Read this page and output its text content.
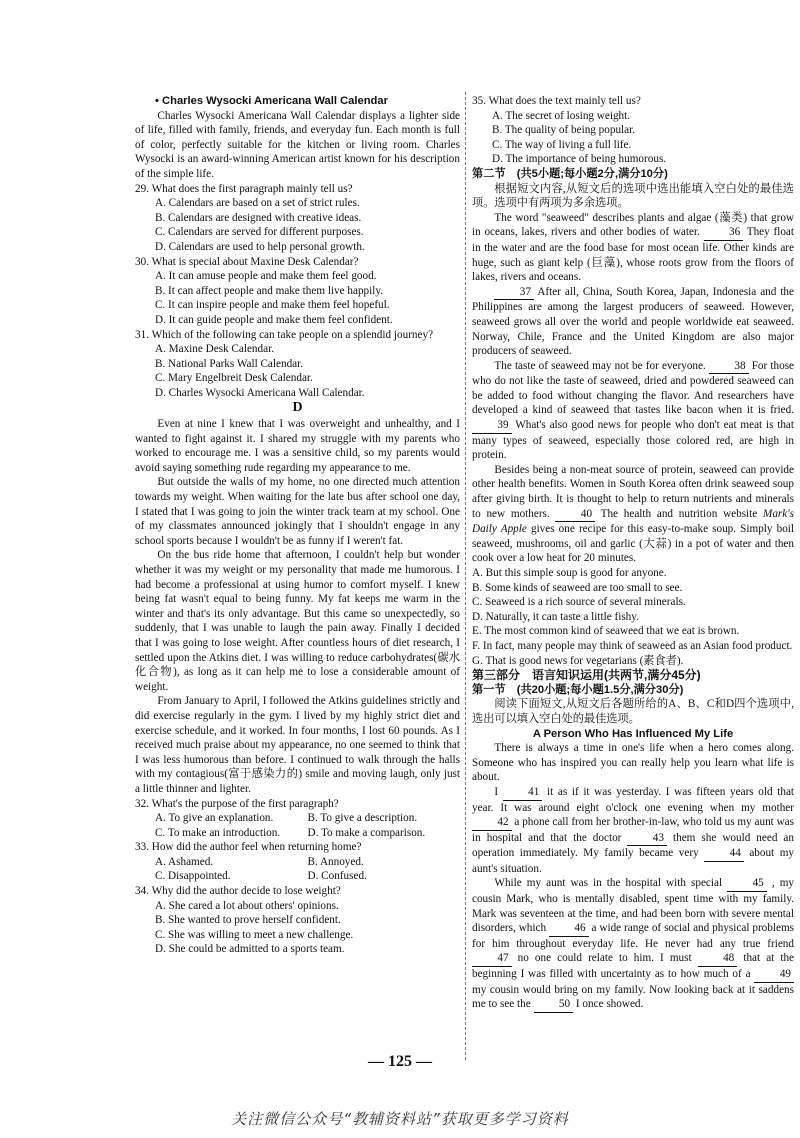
• Charles Wysocki Americana Wall Calendar

Charles Wysocki Americana Wall Calendar displays a lighter side of life, filled with family, friends, and everyday fun. Each month is full of color, perfectly suitable for the kitchen or living room. Charles Wysocki is an award-winning American artist known for his description of the simple life.

29. What does the first paragraph mainly tell us?

A. Calendars are based on a set of strict rules.

B. Calendars are designed with creative ideas.

C. Calendars are served for different purposes.

D. Calendars are used to help personal growth.

30. What is special about Maxine Desk Calendar?

A. It can amuse people and make them feel good.

B. It can affect people and make them live happily.

C. It can inspire people and make them feel hopeful.

D. It can guide people and make them feel confident.

31. Which of the following can take people on a splendid journey?

A. Maxine Desk Calendar.

B. National Parks Wall Calendar.

C. Mary Engelbreit Desk Calendar.

D. Charles Wysocki Americana Wall Calendar.

D

Even at nine I knew that I was overweight and unhealthy, and I wanted to fight against it. I shared my struggle with my parents who worked to encourage me. I was a sensitive child, so my parents would avoid saying something rude regarding my appearance to me.

But outside the walls of my home, no one directed much attention towards my weight. When waiting for the late bus after school one day, I stated that I was going to join the winter track team at my school. One of my classmates announced jokingly that I shouldn't engage in any school sports because I wouldn't be as funny if I weren't fat.

On the bus ride home that afternoon, I couldn't help but wonder whether it was my weight or my personality that made me humorous. I had become a professional at using humor to comfort myself. I knew being fat wasn't equal to being funny. My fat keeps me warm in the winter and that's its only advantage. But this came so unexpectedly, so suddenly, that I was unable to laugh the pain away. Finally I decided that I was going to lose weight. After countless hours of diet research, I settled upon the Atkins diet. I was willing to reduce carbohydrates(碳水化合物), as long as it can help me to lose a considerable amount of weight.

From January to April, I followed the Atkins guidelines strictly and did exercise regularly in the gym. I lived by my highly strict diet and exercise schedule, and it worked. In four months, I lost 60 pounds. As I received much praise about my appearance, no one seemed to think that I was less humorous than before. I continued to walk through the halls with my contagious(富于感染力的) smile and moving laugh, only just a little thinner and lighter.

32. What's the purpose of the first paragraph?

A. To give an explanation.	B. To give a description.
C. To make an introduction.	D. To make a comparison.

33. How did the author feel when returning home?

A. Ashamed.	B. Annoyed.
C. Disappointed.	D. Confused.

34. Why did the author decide to lose weight?

A. She cared a lot about others' opinions.

B. She wanted to prove herself confident.

C. She was willing to meet a new challenge.

D. She could be admitted to a sports team.

35. What does the text mainly tell us?

A. The secret of losing weight.

B. The quality of being popular.

C. The way of living a full life.

D. The importance of being humorous.

第二节　(共5小题;每小题2分,满分10分)

根据短文内容,从短文后的选项中选出能填入空白处的最佳选项。选项中有两项为多余选项。

The word "seaweed" describes plants and algae (藻类) that grow in oceans, lakes, rivers and other bodies of water.	36 They float in the water and are the food base for most ocean life. Other kinds are huge, such as giant kelp (巨藻), whose roots grow from the floors of lakes, rivers and oceans.

37 After all, China, South Korea, Japan, Indonesia and the Philippines are among the largest producers of seaweed. However, seaweed grows all over the world and people worldwide eat seaweed. Norway, Chile, France and the United Kingdom are also major producers of seaweed.

The taste of seaweed may not be for everyone.	38 For those who do not like the taste of seaweed, dried and powdered seaweed can be added to food without changing the flavor. And researchers have developed a kind of seaweed that tastes like bacon when it is fried. 39 What's also good news for people who don't eat meat is that many types of seaweed, especially those colored red, are high in protein.

Besides being a non-meat source of protein, seaweed can provide other health benefits. Women in South Korea often drink seaweed soup after giving birth. It is thought to help to return nutrients and minerals to new mothers.	40 The health and nutrition website Mark's Daily Apple gives one recipe for this easy-to-make soup. Simply boil seaweed, mushrooms, oil and garlic (大蒜) in a pot of water and then cook over a low heat for 20 minutes.

A. But this simple soup is good for anyone.

B. Some kinds of seaweed are too small to see.

C. Seaweed is a rich source of several minerals.

D. Naturally, it can taste a little fishy.

E. The most common kind of seaweed that we eat is brown.

F. In fact, many people may think of seaweed as an Asian food product.

G. That is good news for vegetarians (素食者).

第三部分　语言知识运用(共两节,满分45分)

第一节　(共20小题;每小题1.5分,满分30分)

阅读下面短文,从短文后各题所给的A、B、C和D四个选项中,选出可以填入空白处的最佳选项。

A Person Who Has Influenced My Life

There is always a time in one's life when a hero comes along. Someone who has inspired you can really help you learn what life is about.

I	41 it as if it was yesterday. I was fifteen years old that year. It was around eight o'clock one evening when my mother 42 a phone call from her brother-in-law, who told us my aunt was in hospital and that the doctor	43 them she would need an operation immediately. My family became very	44 about my aunt's situation.

While my aunt was in the hospital with special	45 , my cousin Mark, who is mentally disabled, spent time with my family. Mark was seventeen at the time, and had been born with severe mental disorders, which	46 a wide range of social and physical problems for him throughout everyday life. He never had any true friend 47 no one could relate to him. I must	48 that at the beginning I was filled with uncertainty as to how much of a	49 my cousin would bring on my family. Now looking back at it saddens me to see the	50 I once showed.

— 125 —
关注微信公众号“教辅资料站”获取更多学习资料
